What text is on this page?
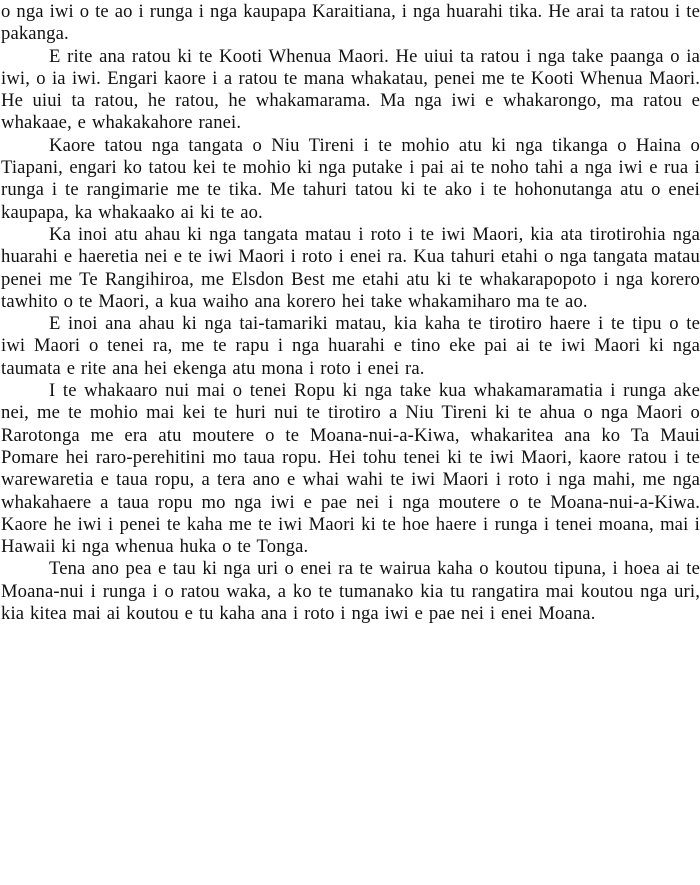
o nga iwi o te ao i runga i nga kaupapa Karaitiana, i nga huarahi tika. He arai ta ratou i te pakanga.

E rite ana ratou ki te Kooti Whenua Maori. He uiui ta ratou i nga take paanga o ia iwi, o ia iwi. Engari kaore i a ratou te mana whakatau, penei me te Kooti Whenua Maori. He uiui ta ratou, he ratou, he whakamarama. Ma nga iwi e whakarongo, ma ratou e whakaae, e whakakahore ranei.

Kaore tatou nga tangata o Niu Tireni i te mohio atu ki nga tikanga o Haina o Tiapani, engari ko tatou kei te mohio ki nga putake i pai ai te noho tahi a nga iwi e rua i runga i te rangimarie me te tika. Me tahuri tatou ki te ako i te hohonutanga atu o enei kaupapa, ka whakaako ai ki te ao.

Ka inoi atu ahau ki nga tangata matau i roto i te iwi Maori, kia ata tirotirohia nga huarahi e haeretia nei e te iwi Maori i roto i enei ra. Kua tahuri etahi o nga tangata matau penei me Te Rangihiroa, me Elsdon Best me etahi atu ki te whakarapopoto i nga korero tawhito o te Maori, a kua waiho ana korero hei take whakamiharo ma te ao.

E inoi ana ahau ki nga tai-tamariki matau, kia kaha te tirotiro haere i te tipu o te iwi Maori o tenei ra, me te rapu i nga huarahi e tino eke pai ai te iwi Maori ki nga taumata e rite ana hei ekenga atu mona i roto i enei ra.

I te whakaaro nui mai o tenei Ropu ki nga take kua whakamaramatia i runga ake nei, me te mohio mai kei te huri nui te tirotiro a Niu Tireni ki te ahua o nga Maori o Rarotonga me era atu moutere o te Moana-nui-a-Kiwa, whakaritea ana ko Ta Maui Pomare hei raro-perehitini mo taua ropu. Hei tohu tenei ki te iwi Maori, kaore ratou i te warewaretia e taua ropu, a tera ano e whai wahi te iwi Maori i roto i nga mahi, me nga whakahaere a taua ropu mo nga iwi e pae nei i nga moutere o te Moana-nui-a-Kiwa. Kaore he iwi i penei te kaha me te iwi Maori ki te hoe haere i runga i tenei moana, mai i Hawaii ki nga whenua huka o te Tonga.

Tena ano pea e tau ki nga uri o enei ra te wairua kaha o koutou tipuna, i hoea ai te Moana-nui i runga i o ratou waka, a ko te tumanako kia tu rangatira mai koutou nga uri, kia kitea mai ai koutou e tu kaha ana i roto i nga iwi e pae nei i enei Moana.
